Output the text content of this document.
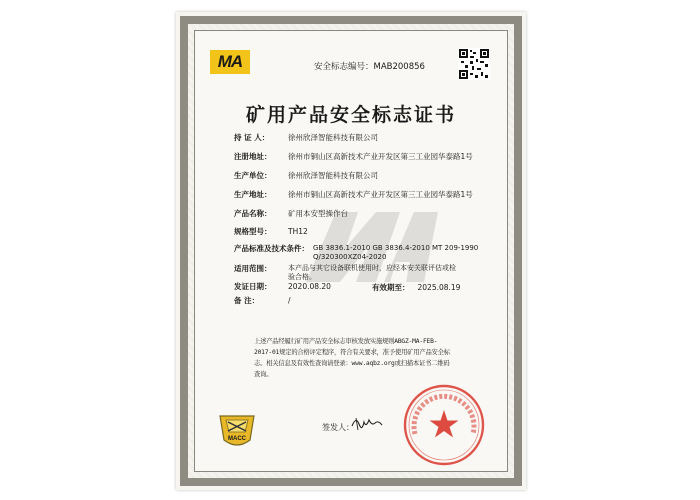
MA	安全标志编号：MAB200856
矿用产品安全标志证书
持 证 人：	徐州欣泽智能科技有限公司
注册地址： 徐州市铜山区高新技术产业开发区第三工业园华泰路1号
生产单位： 徐州欣泽智能科技有限公司
生产地址： 徐州市铜山区高新技术产业开发区第三工业园华泰路1号
产品名称： 矿用本安型操作台
规格型号： TH12
产品标准及技术条件： GB 3836.1-2010 GB 3836.4-2010 MT 209-1990 Q/320300XZ04-2020
适用范围： 本产品与其它设备联机使用时，应经本安关联评估或检验合格。
发证日期： 2020.08.20	有效期至： 2025.08.19
备 注：	/
上述产品经履行矿用产品安全标志审核发放实施规则ABGZ-MA-FEB-2017-01规定的合格评定程序，符合有关要求，准予使用矿用产品安全标志。相关信息及有效性查询请登录：www.aqbz.org或扫描本证书二维码查询。
MACC
签发人：
